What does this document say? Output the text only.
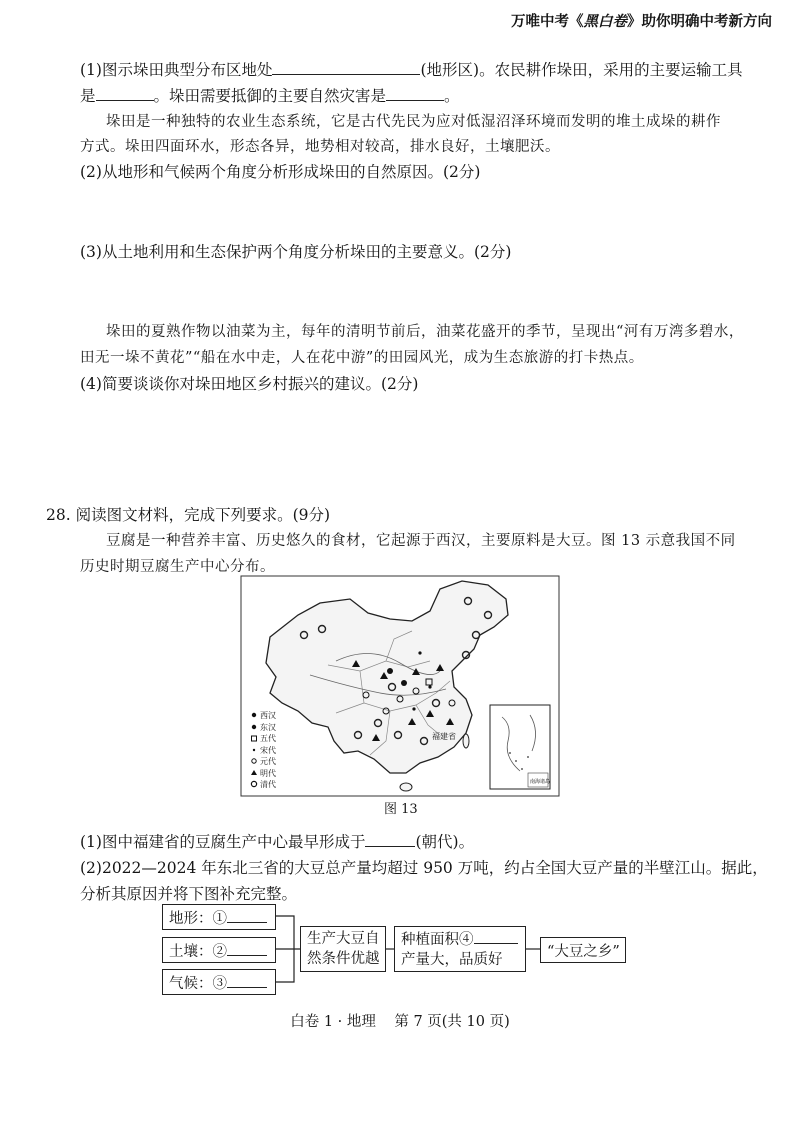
万唯中考《黑白卷》助你明确中考新方向
(1)图示垛田典型分布区地处	(地形区)。农民耕作垛田，采用的主要运输工具
是	。垛田需要抵御的主要自然灾害是	。
垛田是一种独特的农业生态系统，它是古代先民为应对低湿沼泽环境而发明的堆土成垛的耕作
方式。垛田四面环水，形态各异，地势相对较高，排水良好，土壤肥沃。
(2)从地形和气候两个角度分析形成垛田的自然原因。(2分)
(3)从土地利用和生态保护两个角度分析垛田的主要意义。(2分)
垛田的夏熟作物以油菜为主，每年的清明节前后，油菜花盛开的季节，呈现出“河有万湾多碧水，
田无一垛不黄花”“船在水中走，人在花中游”的田园风光，成为生态旅游的打卡热点。
(4)简要谈谈你对垛田地区乡村振兴的建议。(2分)
28. 阅读图文材料，完成下列要求。(9分)
豆腐是一种营养丰富、历史悠久的食材，它起源于西汉，主要原料是大豆。图 13 示意我国不同
历史时期豆腐生产中心分布。
福建省
西汉
东汉
五代
宋代
元代
明代
清代	南海诸岛
图 13
(1)图中福建省的豆腐生产中心最早形成于	(朝代)。
(2)2022—2024 年东北三省的大豆总产量均超过 950 万吨，约占全国大豆产量的半壁江山。据此，
分析其原因并将下图补充完整。
地形：①
土壤：②
气候：③
生产大豆自
然条件优越
种植面积④
产量大，品质好	“大豆之乡”
白卷 1 · 地理    第 7 页(共 10 页)
